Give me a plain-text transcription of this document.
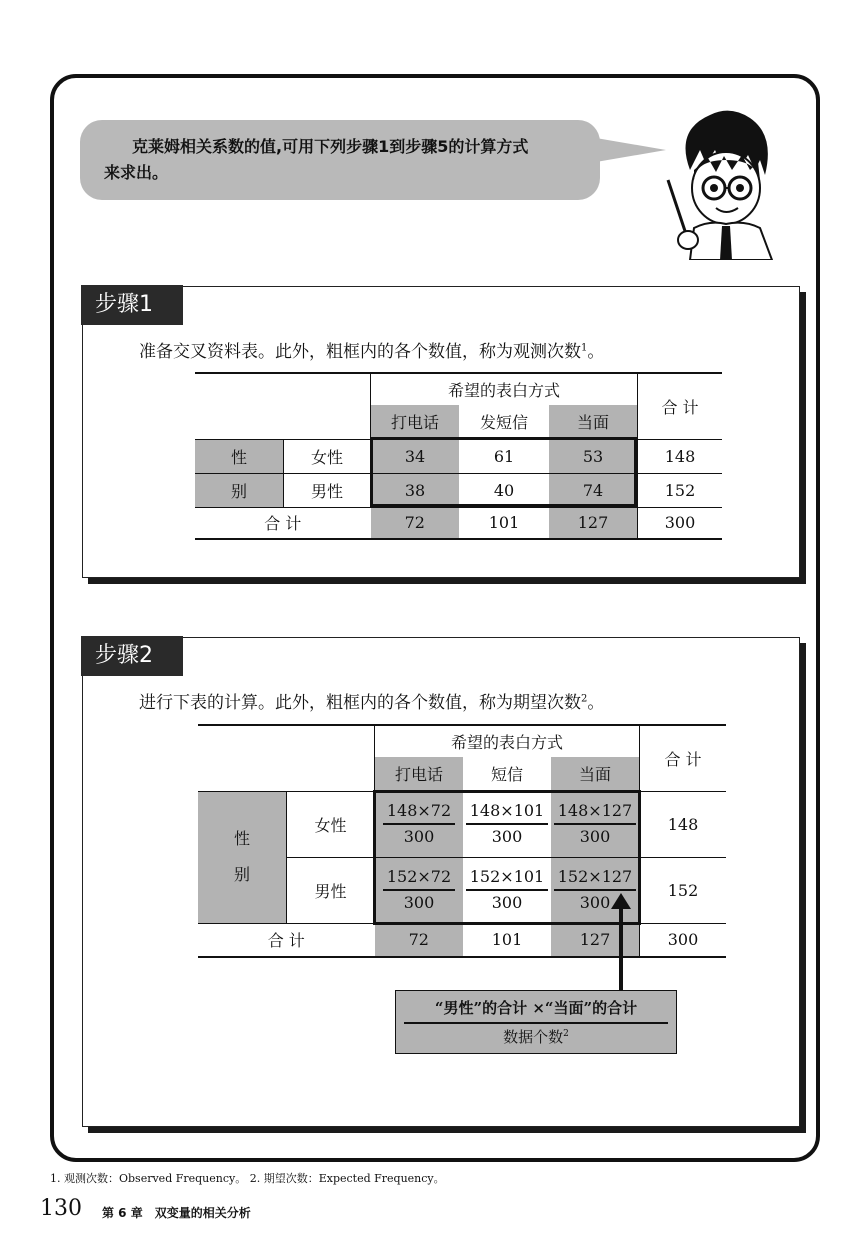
克莱姆相关系数的值,可用下列步骤1到步骤5的计算方式
来求出。
步骤1
准备交叉资料表。此外，粗框内的各个数值，称为观测次数$^1$。
		希望的表白方式			合 计
		打电话	发短信	当面	
性	女性	34	61	53	148
别	男性	38	40	74	152
合 计		72	101	127	300
步骤2
进行下表的计算。此外，粗框内的各个数值，称为期望次数$^2$。
		希望的表白方式			合 计
		打电话	短信	当面	
性
别	女性	$\frac{148\times 72}{300}$	$\frac{148\times 101}{300}$	$\frac{148\times 127}{300}$	148
	男性	$\frac{152\times 72}{300}$	$\frac{152\times 101}{300}$	$\frac{152\times 127}{300}$	152
合 计		72	101	127	300
“男性”的合计 ×“当面”的合计
数据个数$^2$
1. 观测次数：Observed Frequency。 2. 期望次数：Expected Frequency。
130 第 6 章　双变量的相关分析
